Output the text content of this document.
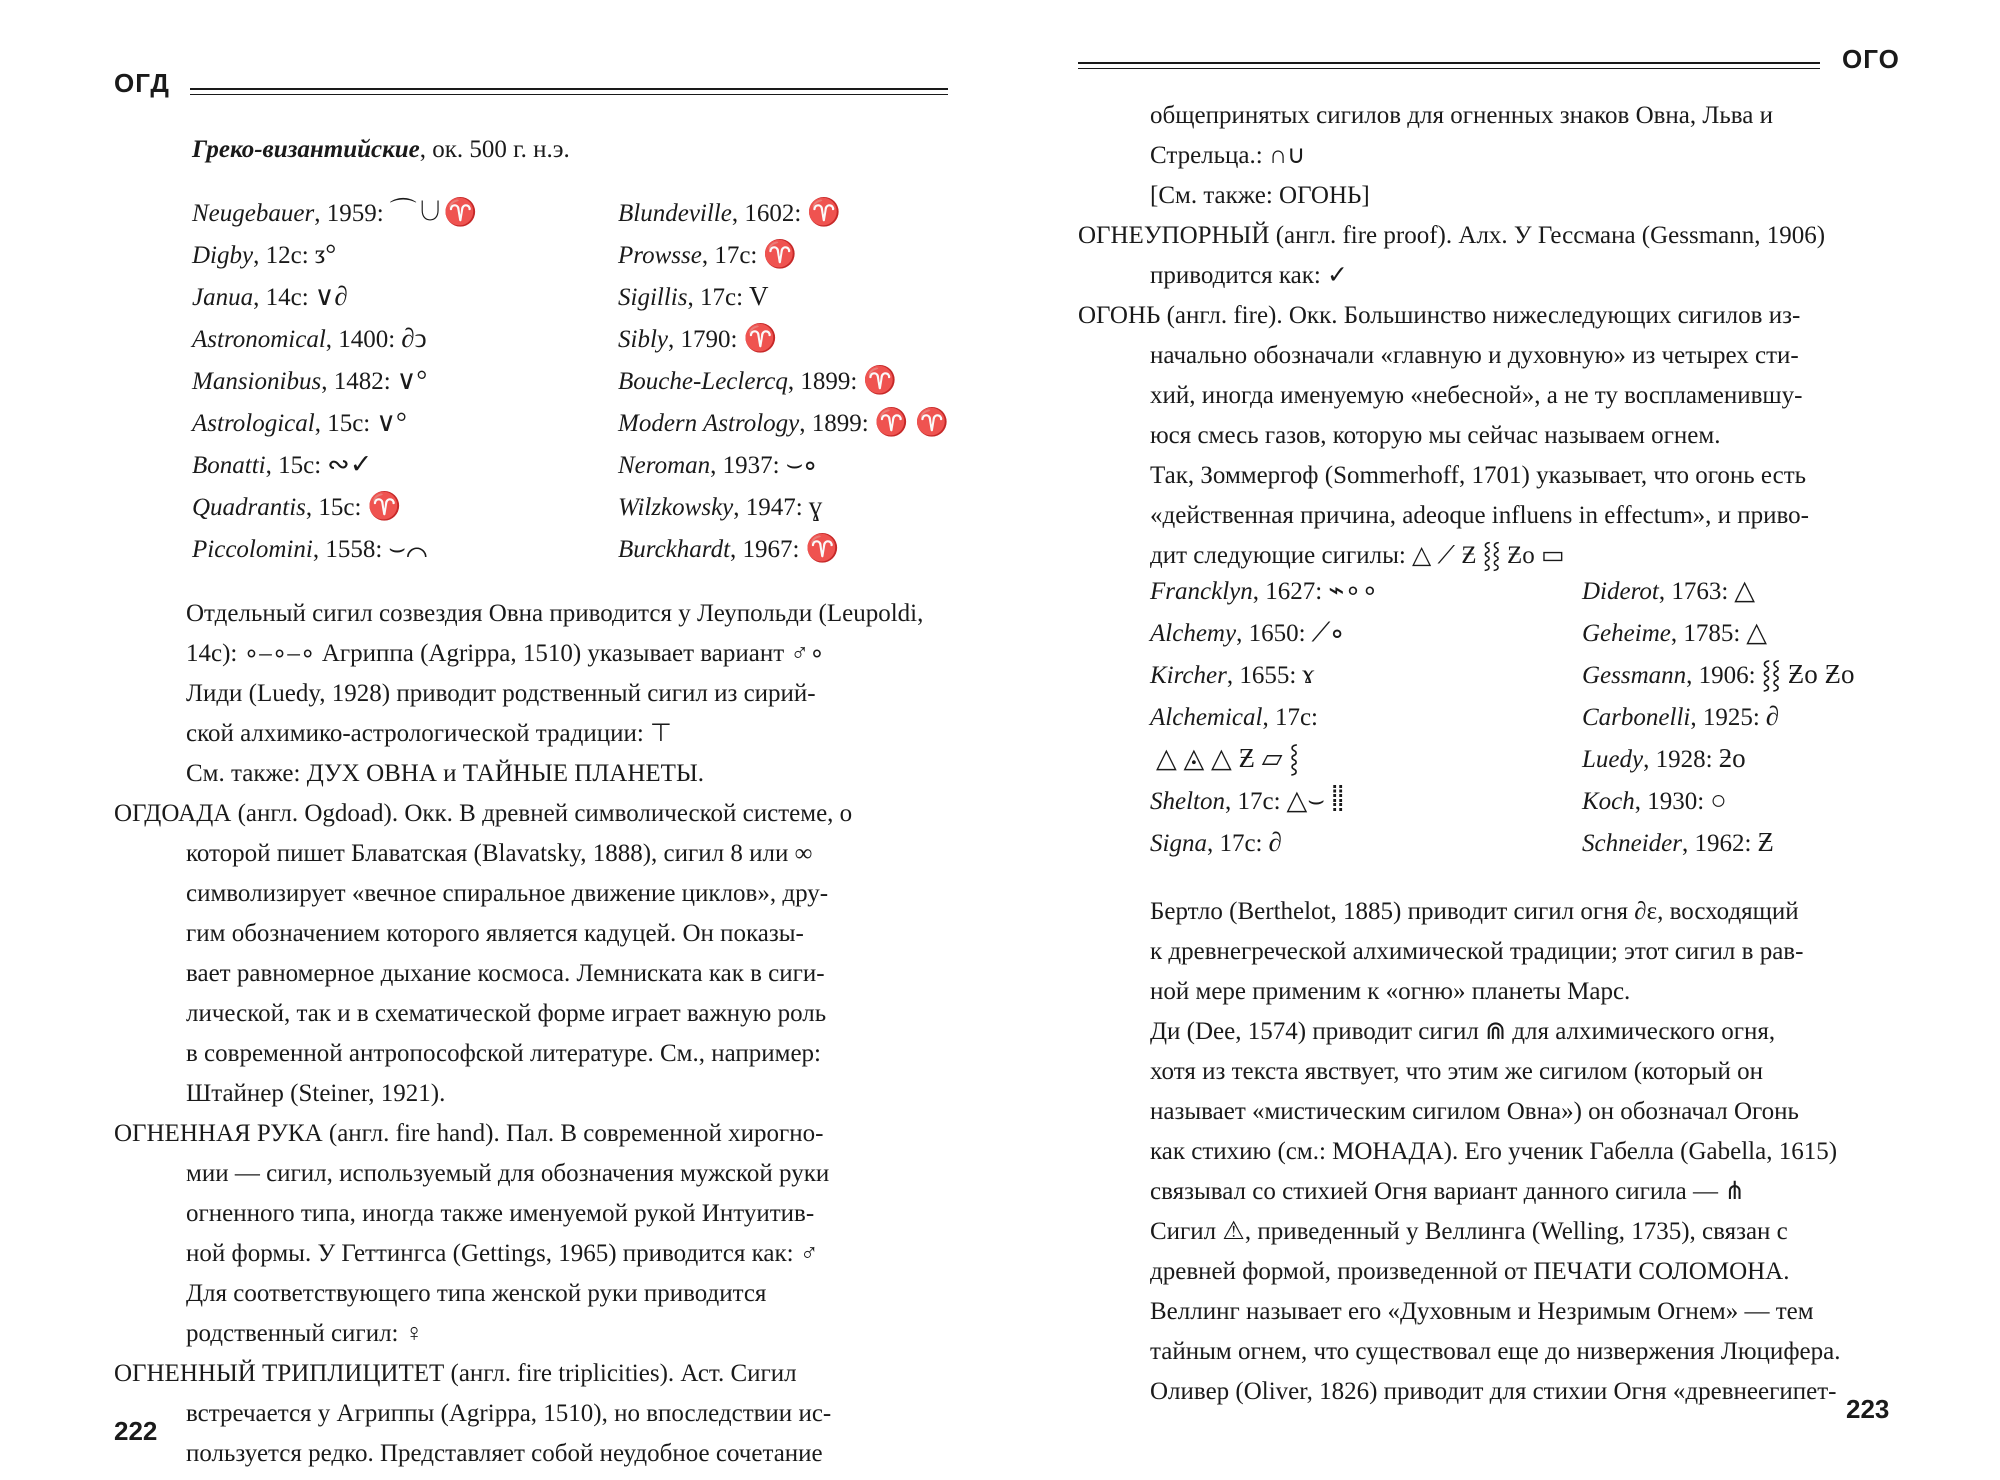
ОГД
Греко-византийские, ок. 500 г. н.э.
Neugebauer, 1959: ⌒∪♈
Digby, 12c: ᴣ°
Janua, 14c: ∨∂
Astronomical, 1400: ∂ↄ
Mansionibus, 1482: ∨°
Astrological, 15c: ∨°
Bonatti, 15c: ∾✓
Quadrantis, 15c: ♈
Piccolomini, 1558: ⌣⌒
Blundeville, 1602: ♈
Prowsse, 17c: ♈
Sigillis, 17c: V
Sibly, 1790: ♈
Bouche-Leclercq, 1899: ♈
Modern Astrology, 1899: ♈ ♈
Neroman, 1937: ⌣∘
Wilzkowsky, 1947: ɣ
Burckhardt, 1967: ♈
Отдельный сигил созвездия Овна приводится у Леупольди (Leupoldi,
14c): ∘–∘–∘ Агриппа (Agrippa, 1510) указывает вариант ♂∘
Лиди (Luedy, 1928) приводит родственный сигил из сирий-
ской алхимико-астрологической традиции: ⊤
См. также: ДУХ ОВНА и ТАЙНЫЕ ПЛАНЕТЫ.
ОГДОАДА (англ. Ogdoad). Окк. В древней символической системе, о
которой пишет Блаватская (Blavatsky, 1888), сигил 8 или ∞
символизирует «вечное спиральное движение циклов», дру-
гим обозначением которого является кадуцей. Он показы-
вает равномерное дыхание космоса. Лемниската как в сиги-
лической, так и в схематической форме играет важную роль
в современной антропософской литературе. См., например:
Штайнер (Steiner, 1921).
ОГНЕННАЯ РУКА (англ. fire hand). Пал. В современной хирогно-
мии — сигил, используемый для обозначения мужской руки
огненного типа, иногда также именуемой рукой Интуитив-
ной формы. У Геттингса (Gettings, 1965) приводится как: ♂
Для соответствующего типа женской руки приводится
родственный сигил: ♀
ОГНЕННЫЙ ТРИПЛИЦИТЕТ (англ. fire triplicities). Аст. Сигил
встречается у Агриппы (Agrippa, 1510), но впоследствии ис-
пользуется редко. Представляет собой неудобное сочетание
222
ОГО
общепринятых сигилов для огненных знаков Овна, Льва и
Стрельца.: ∩∪
[См. также: ОГОНЬ]
ОГНЕУПОРНЫЙ (англ. fire proof). Алх. У Гессмана (Gessmann, 1906)
приводится как: ✓
ОГОНЬ (англ. fire). Окк. Большинство нижеследующих сигилов из-
начально обозначали «главную и духовную» из четырех сти-
хий, иногда именуемую «небесной», а не ту воспламенившу-
юся смесь газов, которую мы сейчас называем огнем.
Так, Зоммергоф (Sommerhoff, 1701) указывает, что огонь есть
«действенная причина, adeoque influens in effectum», и приво-
дит следующие сигилы: △ ⟋ Ƶ ⸾⸾ Ƶo ▭
Francklyn, 1627: ⌁∘∘
Alchemy, 1650: ⟋∘
Kircher, 1655: ɤ
Alchemical, 17c:
△ ◬ △ Ƶ ▱ ⸾
Shelton, 17c: △⌣ ⸽⸽
Signa, 17c: ∂
Diderot, 1763: △
Geheime, 1785: △
Gessmann, 1906: ⸾⸾ Ƶo Ƶo
Carbonelli, 1925: ∂
Luedy, 1928: ƻo
Koch, 1930: ○
Schneider, 1962: Ƶ
Бертло (Berthelot, 1885) приводит сигил огня ∂ε, восходящий
к древнегреческой алхимической традиции; этот сигил в рав-
ной мере применим к «огню» планеты Марс.
Ди (Dee, 1574) приводит сигил ⋒ для алхимического огня,
хотя из текста явствует, что этим же сигилом (который он
называет «мистическим сигилом Овна») он обозначал Огонь
как стихию (см.: МОНАДА). Его ученик Габелла (Gabella, 1615)
связывал со стихией Огня вариант данного сигила — ⋔
Сигил ⚠, приведенный у Веллинга (Welling, 1735), связан с
древней формой, произведенной от ПЕЧАТИ СОЛОМОНА.
Веллинг называет его «Духовным и Незримым Огнем» — тем
тайным огнем, что существовал еще до низвержения Люцифера.
Оливер (Oliver, 1826) приводит для стихии Огня «древнеегипет-
223
